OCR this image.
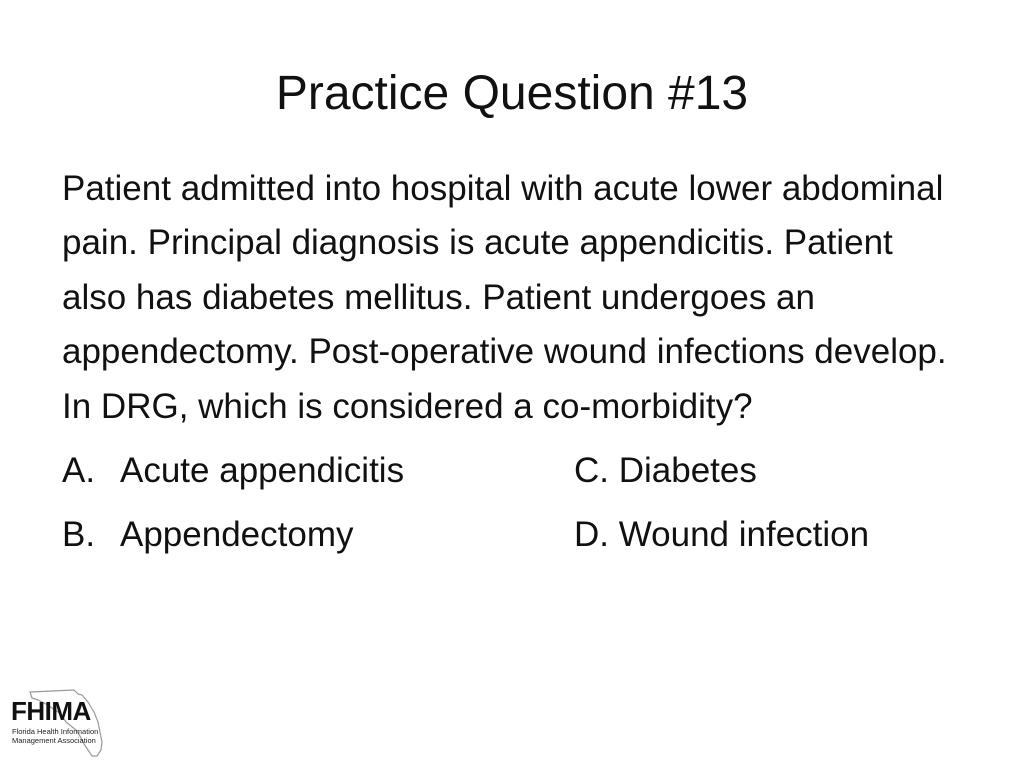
Practice Question #13

Patient admitted into hospital with acute lower abdominal pain. Principal diagnosis is acute appendicitis. Patient also has diabetes mellitus. Patient undergoes an appendectomy. Post-operative wound infections develop. In DRG, which is considered a co-morbidity?

A. Acute appendicitis	C. Diabetes
B. Appendectomy	D. Wound infection
FHIMA
Florida Health Information
Management Association
